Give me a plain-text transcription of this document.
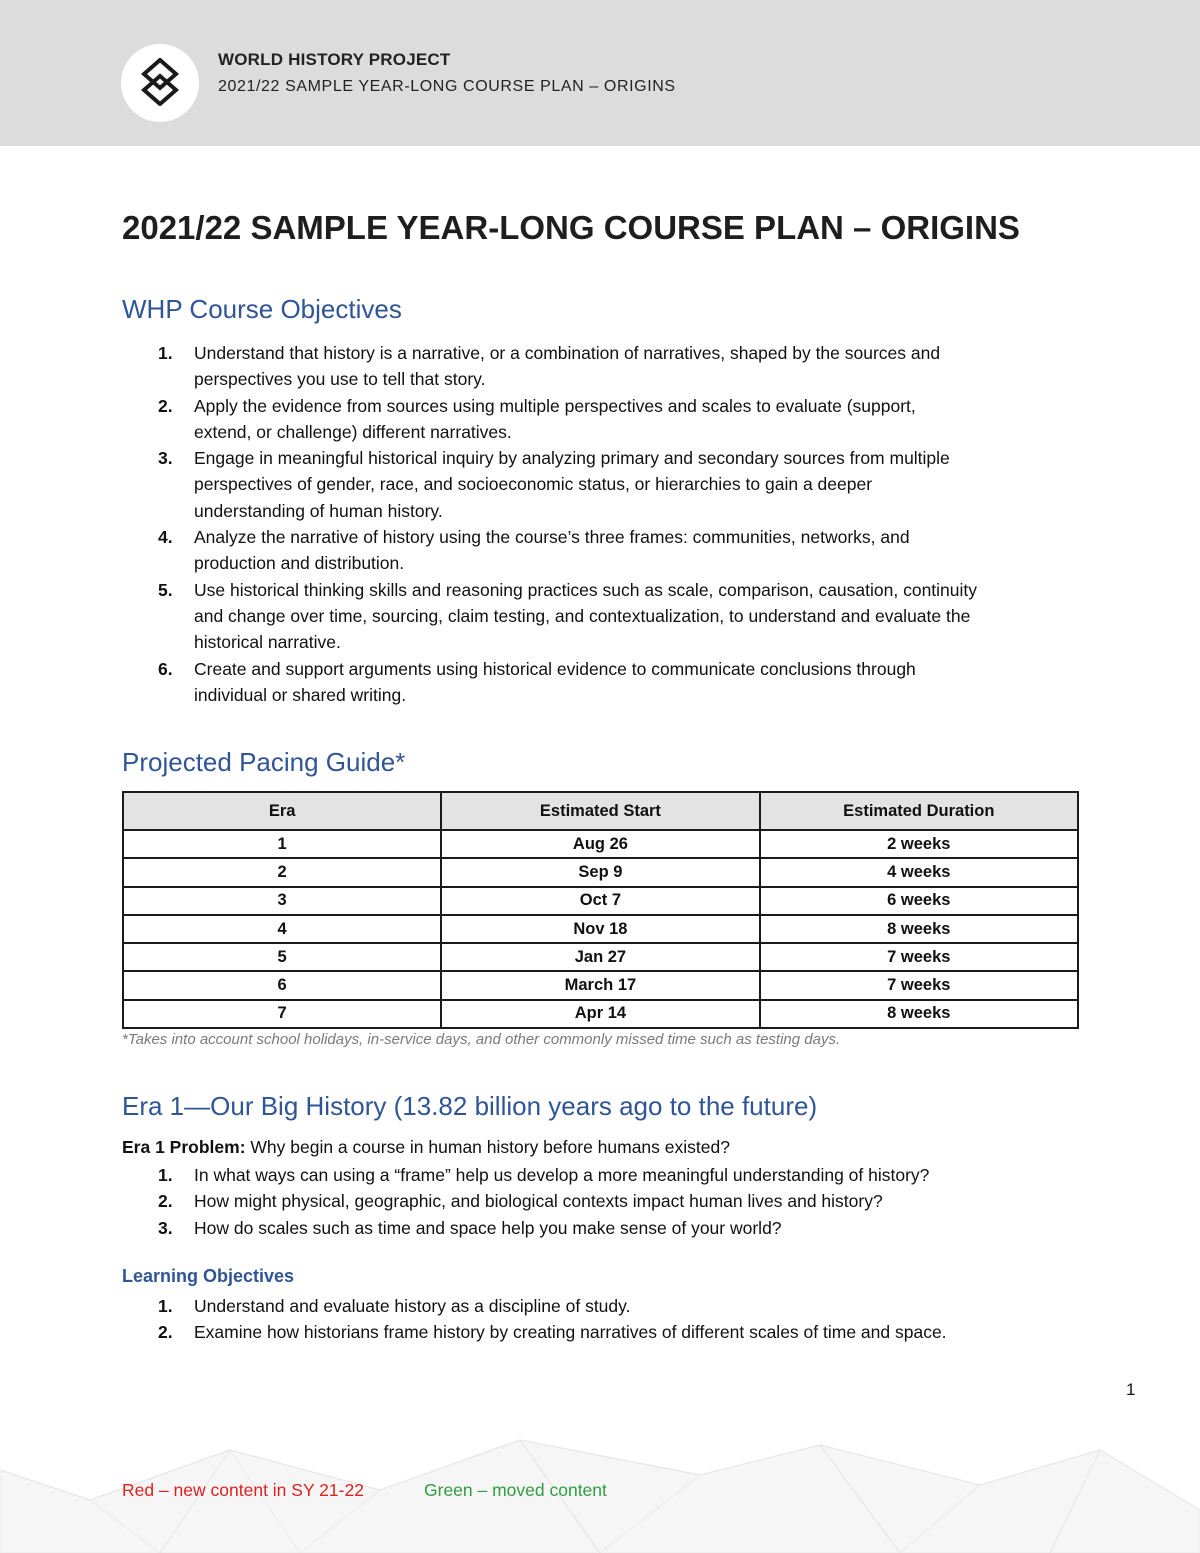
WORLD HISTORY PROJECT
2021/22 SAMPLE YEAR-LONG COURSE PLAN – ORIGINS
2021/22 SAMPLE YEAR-LONG COURSE PLAN – ORIGINS
WHP Course Objectives
1. Understand that history is a narrative, or a combination of narratives, shaped by the sources and
perspectives you use to tell that story.
2. Apply the evidence from sources using multiple perspectives and scales to evaluate (support,
extend, or challenge) different narratives.
3. Engage in meaningful historical inquiry by analyzing primary and secondary sources from multiple
perspectives of gender, race, and socioeconomic status, or hierarchies to gain a deeper
understanding of human history.
4. Analyze the narrative of history using the course’s three frames: communities, networks, and
production and distribution.
5. Use historical thinking skills and reasoning practices such as scale, comparison, causation, continuity
and change over time, sourcing, claim testing, and contextualization, to understand and evaluate the
historical narrative.
6. Create and support arguments using historical evidence to communicate conclusions through
individual or shared writing.
Projected Pacing Guide*
Era	Estimated Start	Estimated Duration
1	Aug 26	2 weeks
2	Sep 9	4 weeks
3	Oct 7	6 weeks
4	Nov 18	8 weeks
5	Jan 27	7 weeks
6	March 17	7 weeks
7	Apr 14	8 weeks
*Takes into account school holidays, in-service days, and other commonly missed time such as testing days.
Era 1—Our Big History (13.82 billion years ago to the future)
Era 1 Problem: Why begin a course in human history before humans existed?
1. In what ways can using a “frame” help us develop a more meaningful understanding of history?
2. How might physical, geographic, and biological contexts impact human lives and history?
3. How do scales such as time and space help you make sense of your world?
Learning Objectives
1. Understand and evaluate history as a discipline of study.
2. Examine how historians frame history by creating narratives of different scales of time and space.
1
Red – new content in SY 21-22	Green – moved content
